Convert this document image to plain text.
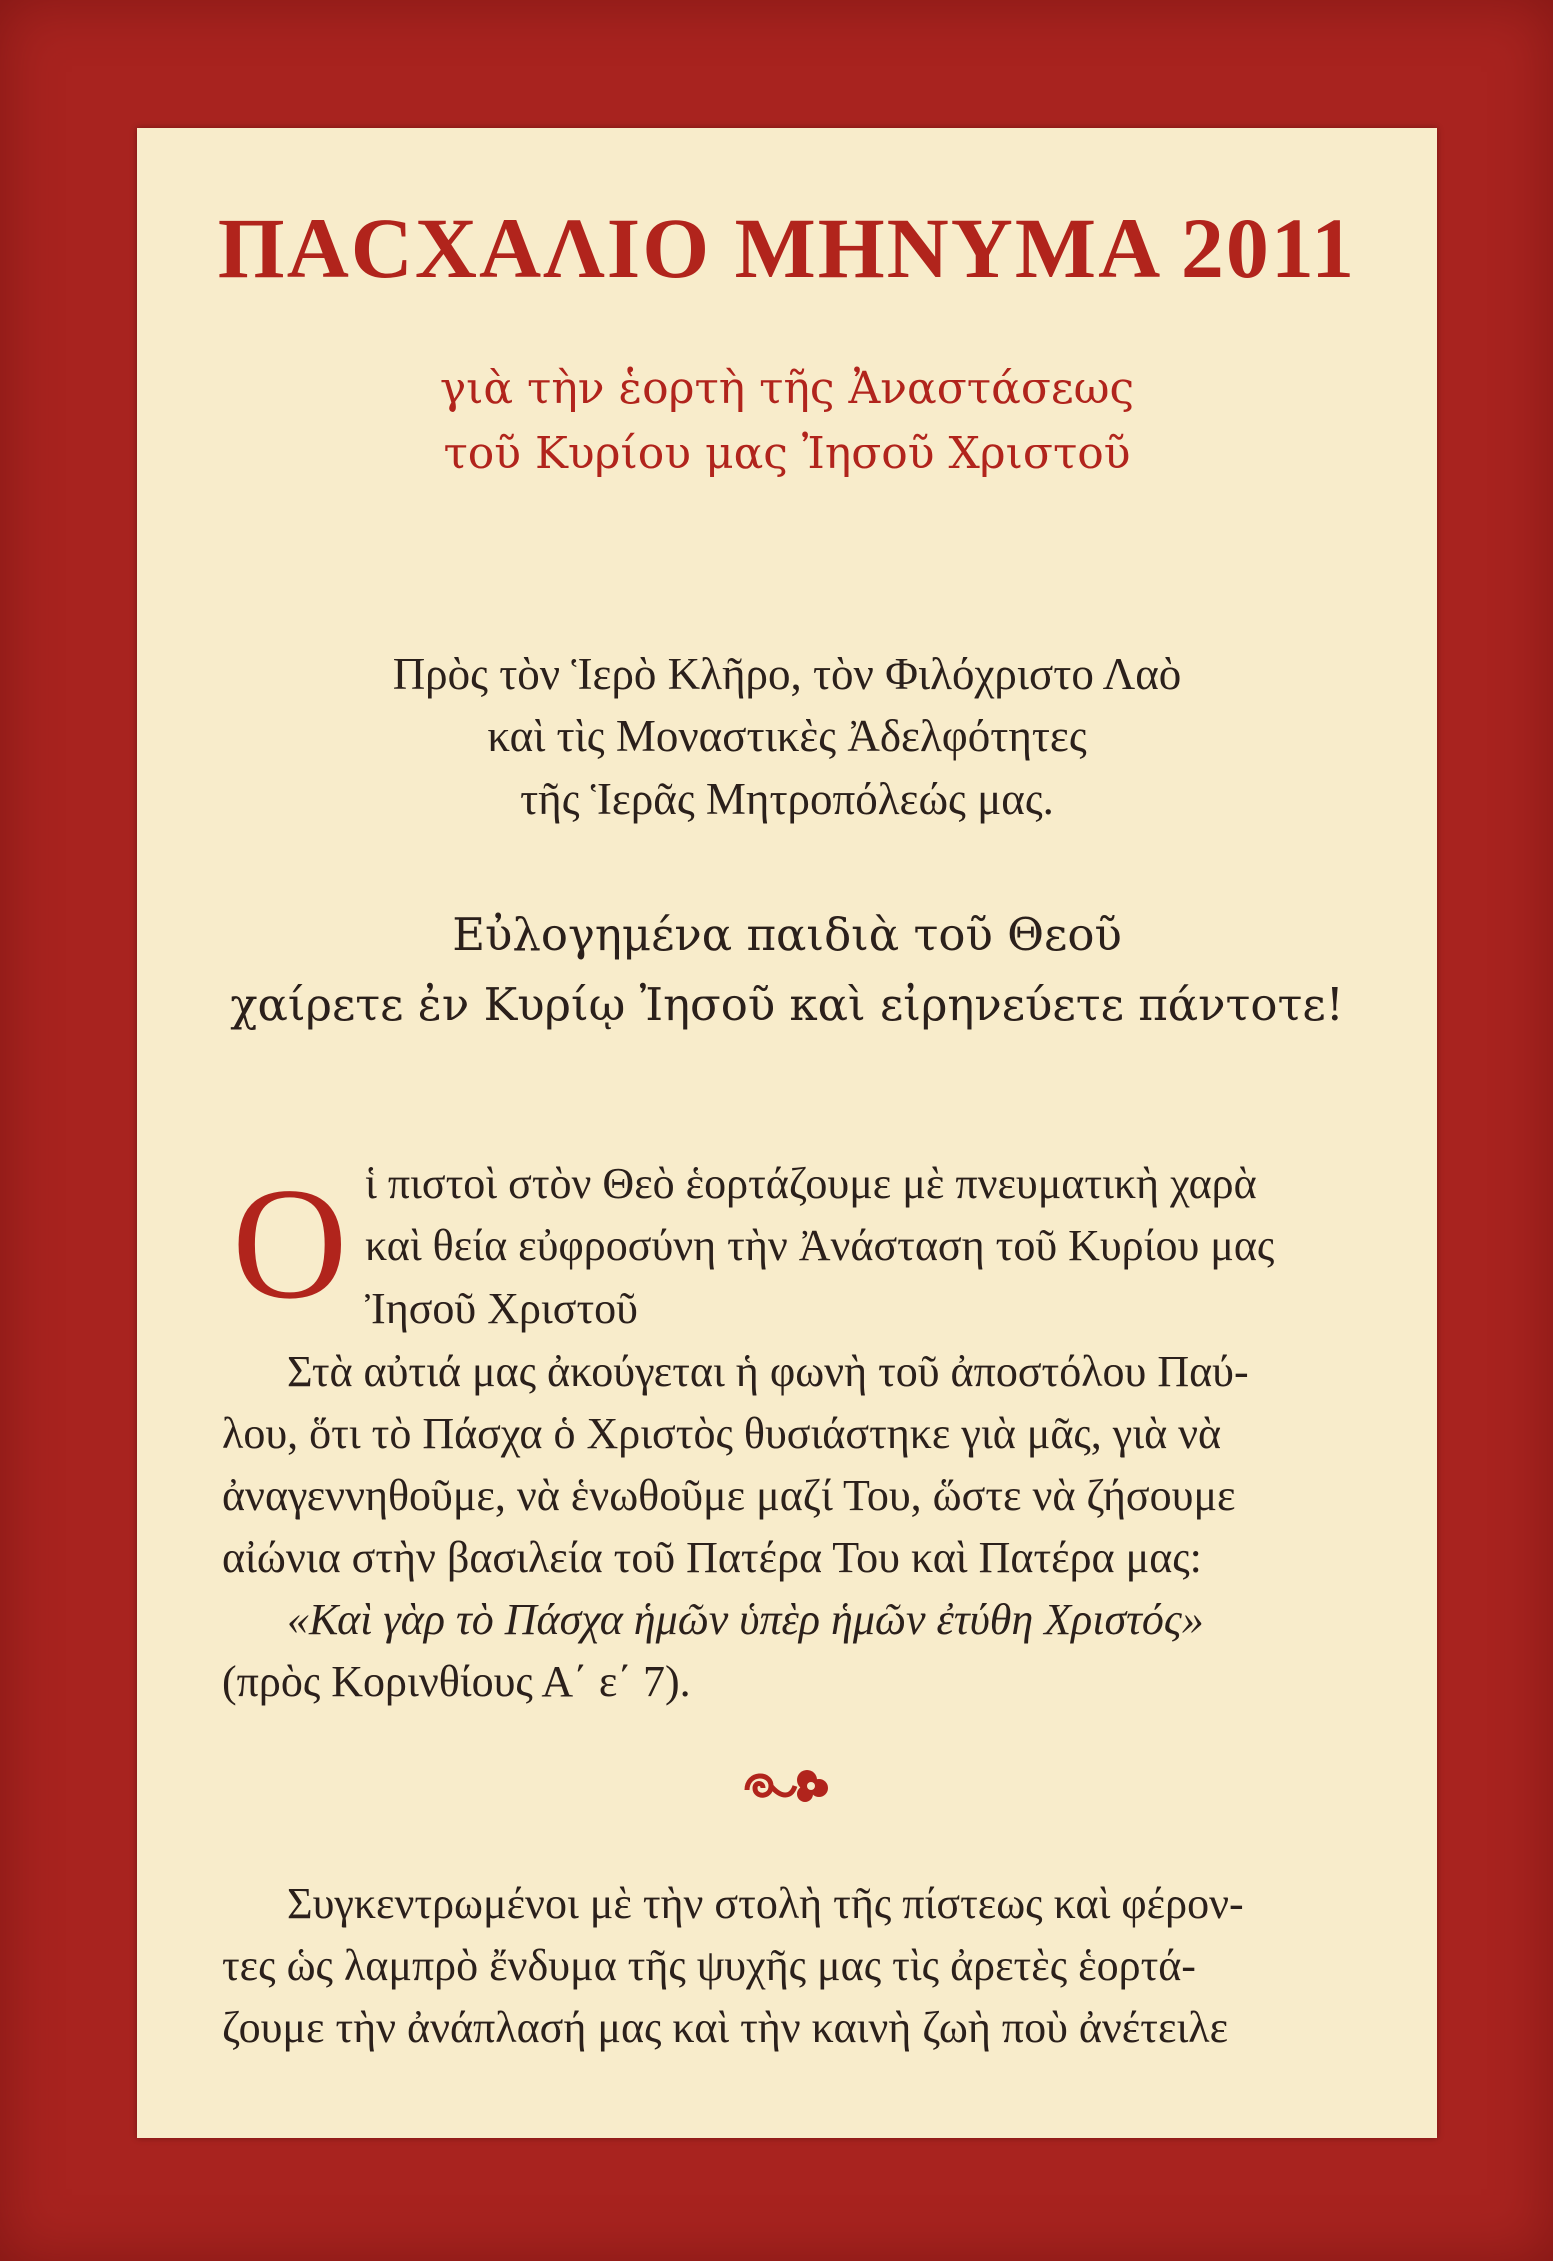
ΠΑCΧΑΛΙΟ ΜΗΝΥΜΑ 2011
γιὰ τὴν ἑορτὴ τῆς Ἀναστάσεως
τοῦ Κυρίου μας Ἰησοῦ Χριστοῦ
Πρὸς τὸν Ἱερὸ Κλῆρο, τὸν Φιλόχριστο Λαὸ
καὶ τὶς Μοναστικὲς Ἀδελφότητες
τῆς Ἱερᾶς Μητροπόλεώς μας.
Εὐλογημένα παιδιὰ τοῦ Θεοῦ
χαίρετε ἐν Κυρίῳ Ἰησοῦ καὶ εἰρηνεύετε πάντοτε!
Ο ἱ πιστοὶ στὸν Θεὸ ἑορτάζουμε μὲ πνευματικὴ χαρὰ
καὶ θεία εὐφροσύνη τὴν Ἀνάσταση τοῦ Κυρίου μας
Ἰησοῦ Χριστοῦ
Στὰ αὐτιά μας ἀκούγεται ἡ φωνὴ τοῦ ἀποστόλου Παύ-
λου, ὅτι τὸ Πάσχα ὁ Χριστὸς θυσιάστηκε γιὰ μᾶς, γιὰ νὰ
ἀναγεννηθοῦμε, νὰ ἑνωθοῦμε μαζί Του, ὥστε νὰ ζήσουμε
αἰώνια στὴν βασιλεία τοῦ Πατέρα Του καὶ Πατέρα μας:
«Καὶ γὰρ τὸ Πάσχα ἡμῶν ὑπὲρ ἡμῶν ἐτύθη Χριστός»
(πρὸς Κορινθίους Α΄ ε΄ 7).
Συγκεντρωμένοι μὲ τὴν στολὴ τῆς πίστεως καὶ φέρον-
τες ὡς λαμπρὸ ἔνδυμα τῆς ψυχῆς μας τὶς ἀρετὲς ἑορτά-
ζουμε τὴν ἀνάπλασή μας καὶ τὴν καινὴ ζωὴ ποὺ ἀνέτειλε
